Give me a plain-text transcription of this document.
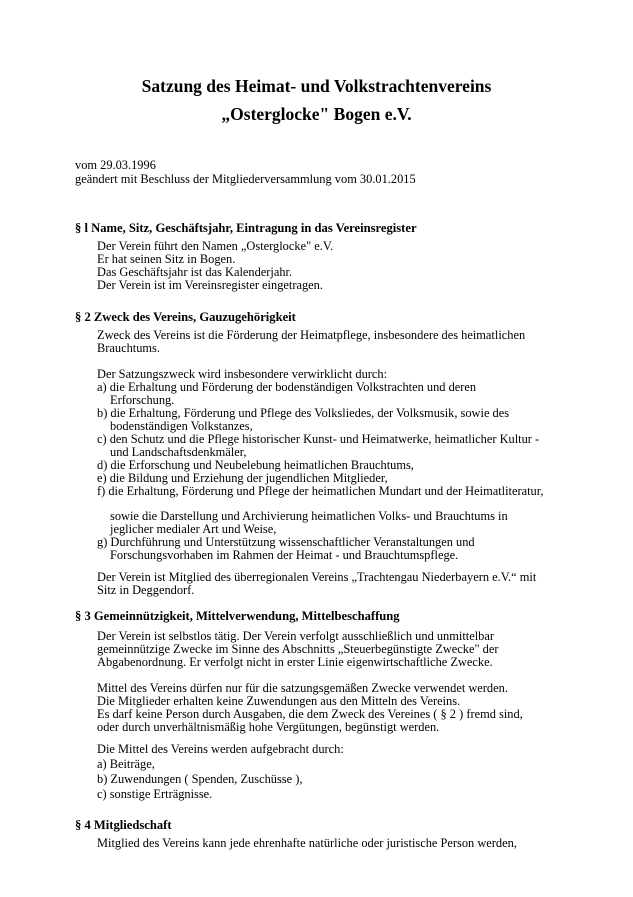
Satzung des Heimat- und Volkstrachtenvereins
„Osterglocke" Bogen e.V.
vom 29.03.1996
geändert mit Beschluss der Mitgliederversammlung vom 30.01.2015
§ l Name, Sitz, Geschäftsjahr, Eintragung in das Vereinsregister
Der Verein führt den Namen „Osterglocke" e.V.
Er hat seinen Sitz in Bogen.
Das Geschäftsjahr ist das Kalenderjahr.
Der Verein ist im Vereinsregister eingetragen.
§ 2 Zweck des Vereins, Gauzugehörigkeit
Zweck des Vereins ist die Förderung der Heimatpflege, insbesondere des heimatlichen
Brauchtums.
Der Satzungszweck wird insbesondere verwirklicht durch:
a) die Erhaltung und Förderung der bodenständigen Volkstrachten und deren
Erforschung.
b) die Erhaltung, Förderung und Pflege des Volksliedes, der Volksmusik, sowie des
bodenständigen Volkstanzes,
c) den Schutz und die Pflege historischer Kunst- und Heimatwerke, heimatlicher Kultur -
und Landschaftsdenkmäler,
d) die Erforschung und Neubelebung heimatlichen Brauchtums,
e) die Bildung und Erziehung der jugendlichen Mitglieder,
f) die Erhaltung, Förderung und Pflege der heimatlichen Mundart und der Heimatliteratur,
sowie die Darstellung und Archivierung heimatlichen Volks- und Brauchtums in
jeglicher medialer Art und Weise,
g) Durchführung und Unterstützung wissenschaftlicher Veranstaltungen und
Forschungsvorhaben im Rahmen der Heimat - und Brauchtumspflege.
Der Verein ist Mitglied des überregionalen Vereins „Trachtengau Niederbayern e.V.“ mit
Sitz in Deggendorf.
§ 3 Gemeinnützigkeit, Mittelverwendung, Mittelbeschaffung
Der Verein ist selbstlos tätig. Der Verein verfolgt ausschließlich und unmittelbar
gemeinnützige Zwecke im Sinne des Abschnitts „Steuerbegünstigte Zwecke" der
Abgabenordnung. Er verfolgt nicht in erster Linie eigenwirtschaftliche Zwecke.
Mittel des Vereins dürfen nur für die satzungsgemäßen Zwecke verwendet werden.
Die Mitglieder erhalten keine Zuwendungen aus den Mitteln des Vereins.
Es darf keine Person durch Ausgaben, die dem Zweck des Vereines ( § 2 ) fremd sind,
oder durch unverhältnismäßig hohe Vergütungen, begünstigt werden.
Die Mittel des Vereins werden aufgebracht durch:
a) Beiträge,
b) Zuwendungen ( Spenden, Zuschüsse ),
c) sonstige Erträgnisse.
§ 4 Mitgliedschaft
Mitglied des Vereins kann jede ehrenhafte natürliche oder juristische Person werden,
